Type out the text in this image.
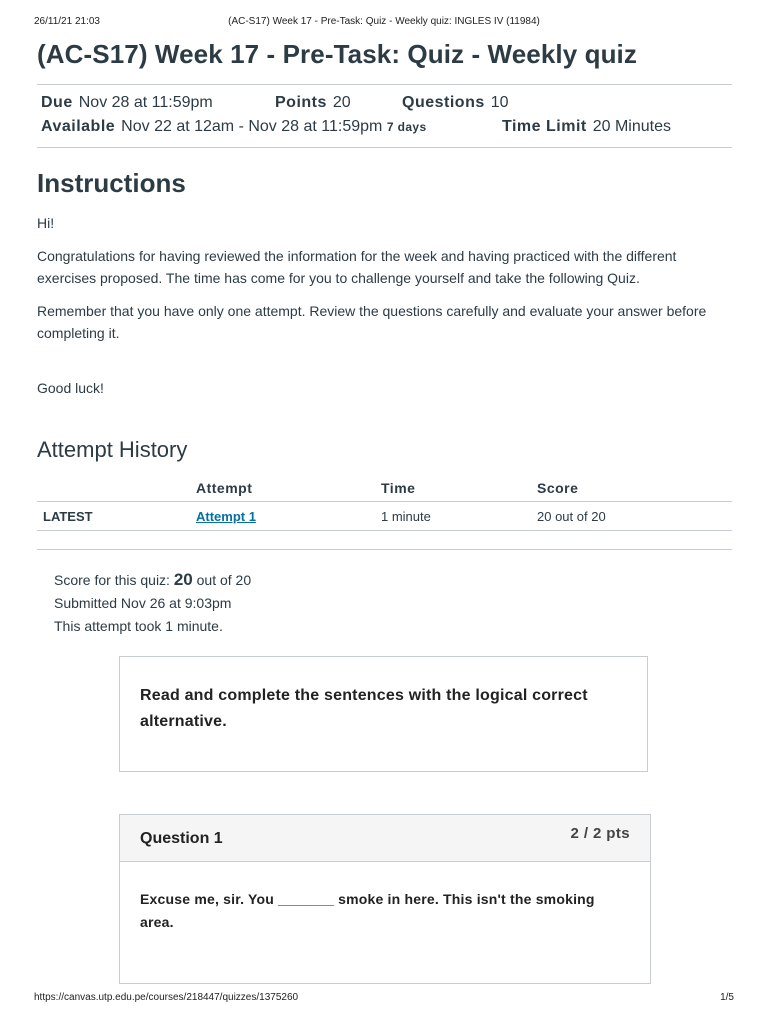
26/11/21 21:03	(AC-S17) Week 17 - Pre-Task: Quiz - Weekly quiz: INGLES IV (11984)
(AC-S17) Week 17 - Pre-Task: Quiz - Weekly quiz
Due Nov 28 at 11:59pm	Points 20	Questions 10
Available Nov 22 at 12am - Nov 28 at 11:59pm 7 days	Time Limit 20 Minutes
Instructions

Hi!

Congratulations for having reviewed the information for the week and having practiced with the different exercises proposed. The time has come for you to challenge yourself and take the following Quiz.

Remember that you have only one attempt. Review the questions carefully and evaluate your answer before completing it.

Good luck!

Attempt History
	Attempt	Time	Score
LATEST	Attempt 1	1 minute	20 out of 20
Score for this quiz: 20 out of 20
Submitted Nov 26 at 9:03pm
This attempt took 1 minute.

Read and complete the sentences with the logical correct alternative.

Question 1	2 / 2 pts
Excuse me, sir. You _______ smoke in here. This isn't the smoking area.
https://canvas.utp.edu.pe/courses/218447/quizzes/1375260	1/5
